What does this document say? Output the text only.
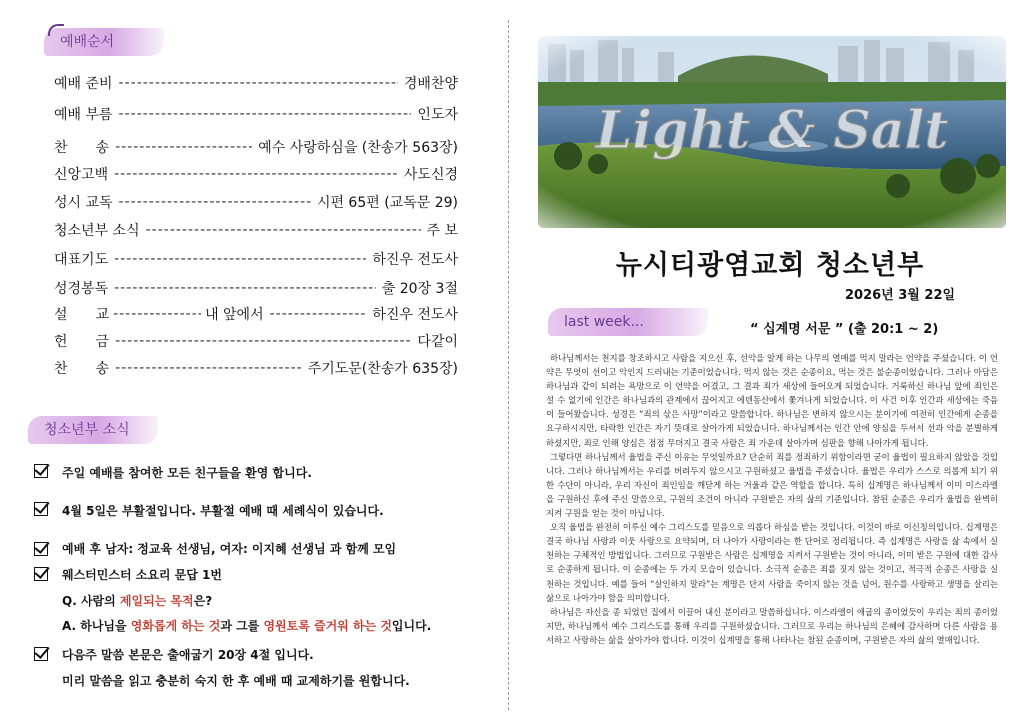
예배순서
예배 준비 -----	경배찬양
예배 부름 -----	인도자
찬　　송 -----	예수 사랑하심을 (찬송가 563장)
신앙고백 -----	사도신경
성시 교독 -----	시편 65편 (교독문 29)
청소년부 소식 -----	주 보
대표기도 -----	하진우 전도사
성경봉독 -----	출 20장 3절
설　　교 -----	내 앞에서 -----	하진우 전도사
헌　　금 -----	다같이
찬　　송 -----	주기도문(찬송가 635장)
청소년부 소식
주일 예배를 참여한 모든 친구들을 환영 합니다.
4월 5일은 부활절입니다. 부활절 예배 때 세례식이 있습니다.
예배 후 남자: 정교육 선생님, 여자: 이지혜 선생님 과 함께 모임
웨스터민스터 소요리 문답 1번
Q. 사람의 제일되는 목적은?
A. 하나님을 영화롭게 하는 것과 그를 영원토록 즐거워 하는 것입니다.
다음주 말씀 본문은 출애굽기 20장 4절 입니다.
미리 말씀을 읽고 충분히 숙지 한 후 예배 때 교제하기를 원합니다.
뉴시티광염교회 청소년부
2026년 3월 22일
last week...	“ 십계명 서문 ” (출 20:1 ~ 2)

하나님께서는 천지를 창조하시고 사람을 지으신 후, 선악을 알게 하는 나무의 열매를 먹지 말라는 언약을 주셨습니다. 이 언약은 무엇이 선이고 악인지 드러내는 기준이었습니다. 먹지 않는 것은 순종이요, 먹는 것은 불순종이었습니다. 그러나 아담은 하나님과 같이 되려는 욕망으로 이 언약을 어겼고, 그 결과 죄가 세상에 들어오게 되었습니다. 거룩하신 하나님 앞에 죄인은 설 수 없기에 인간은 하나님과의 관계에서 끊어지고 에덴동산에서 쫓겨나게 되었습니다. 이 사건 이후 인간과 세상에는 죽음이 들어왔습니다. 성경은 “죄의 삯은 사망”이라고 말씀합니다. 하나님은 변하지 않으시는 분이기에 여전히 인간에게 순종을 요구하시지만, 타락한 인간은 자기 뜻대로 살아가게 되었습니다. 하나님께서는 인간 안에 양심을 두셔서 선과 악을 분별하게 하셨지만, 죄로 인해 양심은 점점 무뎌지고 결국 사람은 죄 가운데 살아가며 심판을 향해 나아가게 됩니다.

그렇다면 하나님께서 율법을 주신 이유는 무엇일까요? 단순히 죄를 정죄하기 위함이라면 굳이 율법이 필요하지 않았을 것입니다. 그러나 하나님께서는 우리를 버려두지 않으시고 구원하셨고 율법을 주셨습니다. 율법은 우리가 스스로 의롭게 되기 위한 수단이 아니라, 우리 자신이 죄인임을 깨닫게 하는 거울과 같은 역할을 합니다. 특히 십계명은 하나님께서 이미 이스라엘을 구원하신 후에 주신 말씀으로, 구원의 조건이 아니라 구원받은 자의 삶의 기준입니다. 참된 순종은 우리가 율법을 완벽히 지켜 구원을 얻는 것이 아닙니다.

오직 율법을 완전히 이루신 예수 그리스도를 믿음으로 의롭다 하심을 받는 것입니다. 이것이 바로 이신칭의입니다. 십계명은 결국 하나님 사랑과 이웃 사랑으로 요약되며, 더 나아가 사랑이라는 한 단어로 정리됩니다. 즉 십계명은 사랑을 삶 속에서 실천하는 구체적인 방법입니다. 그러므로 구원받은 사람은 십계명을 지켜서 구원받는 것이 아니라, 이미 받은 구원에 대한 감사로 순종하게 됩니다. 이 순종에는 두 가지 모습이 있습니다. 소극적 순종은 죄를 짓지 않는 것이고, 적극적 순종은 사랑을 실천하는 것입니다. 예를 들어 “살인하지 말라”는 계명은 단지 사람을 죽이지 않는 것을 넘어, 원수를 사랑하고 생명을 살리는 삶으로 나아가야 함을 의미합니다.

하나님은 자신을 종 되었던 집에서 이끌어 내신 분이라고 말씀하십니다. 이스라엘이 애굽의 종이었듯이 우리는 죄의 종이었지만, 하나님께서 예수 그리스도를 통해 우리를 구원하셨습니다. 그러므로 우리는 하나님의 은혜에 감사하며 다른 사람을 용서하고 사랑하는 삶을 살아가야 합니다. 이것이 십계명을 통해 나타나는 참된 순종이며, 구원받은 자의 삶의 열매입니다.
